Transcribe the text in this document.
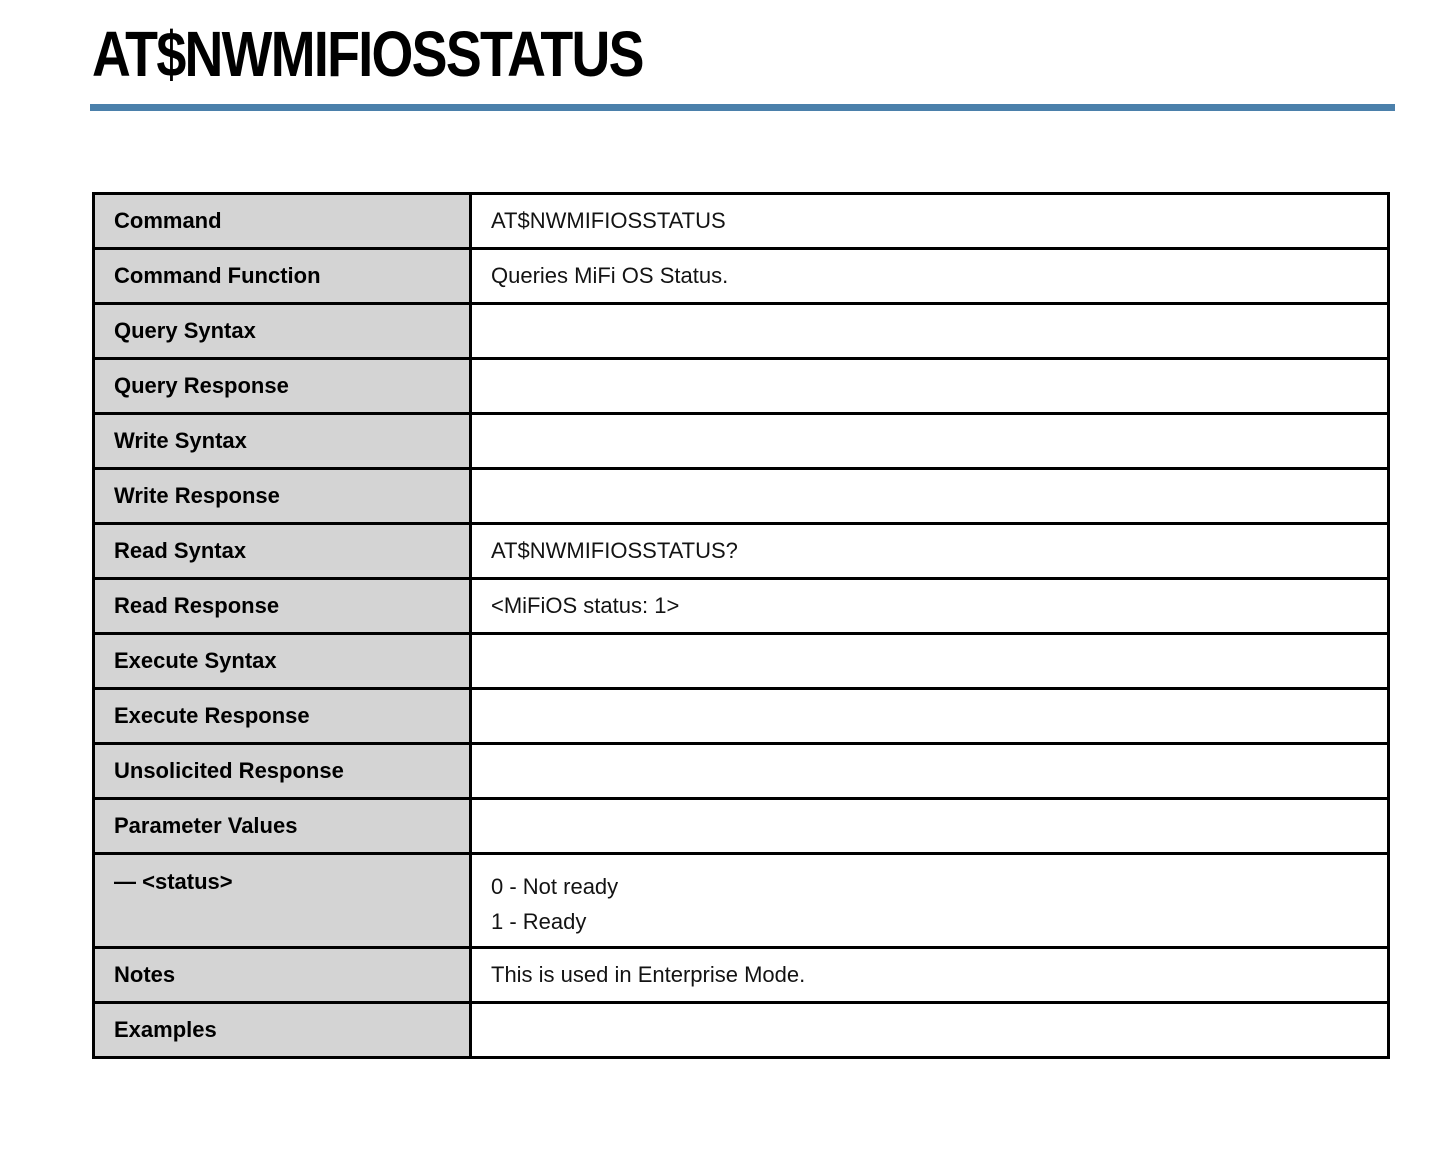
AT$NWMIFIOSSTATUS
Command	AT$NWMIFIOSSTATUS
Command Function	Queries MiFi OS Status.
Query Syntax	
Query Response	
Write Syntax	
Write Response	
Read Syntax	AT$NWMIFIOSSTATUS?
Read Response	<MiFiOS status: 1>
Execute Syntax	
Execute Response	
Unsolicited Response	
Parameter Values	
— <status>	0 - Not ready
1 - Ready

Notes	This is used in Enterprise Mode.
Examples	
